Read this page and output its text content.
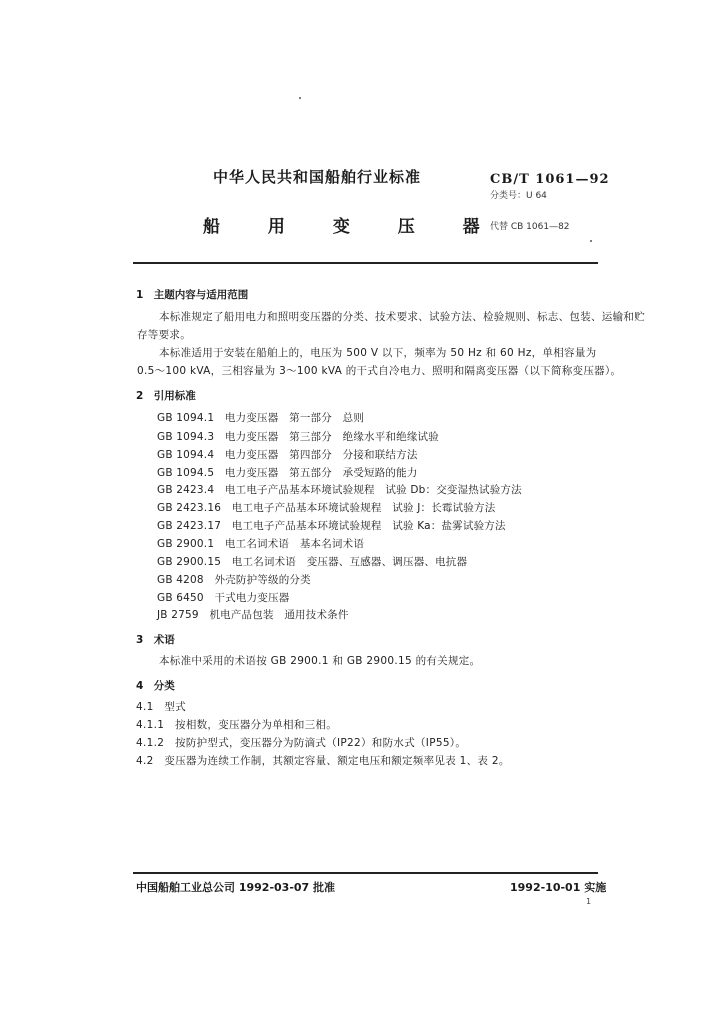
中华人民共和国船舶行业标准
船 用 变 压 器
CB/T 1061—92
分类号：U 64
代替 CB 1061—82
1　主题内容与适用范围
本标准规定了船用电力和照明变压器的分类、技术要求、试验方法、检验规则、标志、包装、运输和贮
存等要求。
本标准适用于安装在船舶上的，电压为 500 V 以下，频率为 50 Hz 和 60 Hz，单相容量为
0.5～100 kVA，三相容量为 3～100 kVA 的干式自冷电力、照明和隔离变压器（以下简称变压器）。
2　引用标准
GB 1094.1　电力变压器　第一部分　总则
GB 1094.3　电力变压器　第三部分　绝缘水平和绝缘试验
GB 1094.4　电力变压器　第四部分　分接和联结方法
GB 1094.5　电力变压器　第五部分　承受短路的能力
GB 2423.4　电工电子产品基本环境试验规程　试验 Db：交变湿热试验方法
GB 2423.16　电工电子产品基本环境试验规程　试验 J：长霉试验方法
GB 2423.17　电工电子产品基本环境试验规程　试验 Ka：盐雾试验方法
GB 2900.1　电工名词术语　基本名词术语
GB 2900.15　电工名词术语　变压器、互感器、调压器、电抗器
GB 4208　外壳防护等级的分类
GB 6450　干式电力变压器
JB 2759　机电产品包装　通用技术条件
3　术语
本标准中采用的术语按 GB 2900.1 和 GB 2900.15 的有关规定。
4　分类
4.1　型式
4.1.1　按相数，变压器分为单相和三相。
4.1.2　按防护型式，变压器分为防滴式（IP22）和防水式（IP55）。
4.2　变压器为连续工作制，其额定容量、额定电压和额定频率见表 1、表 2。
中国船舶工业总公司 1992-03-07 批准	1992-10-01 实施
1
